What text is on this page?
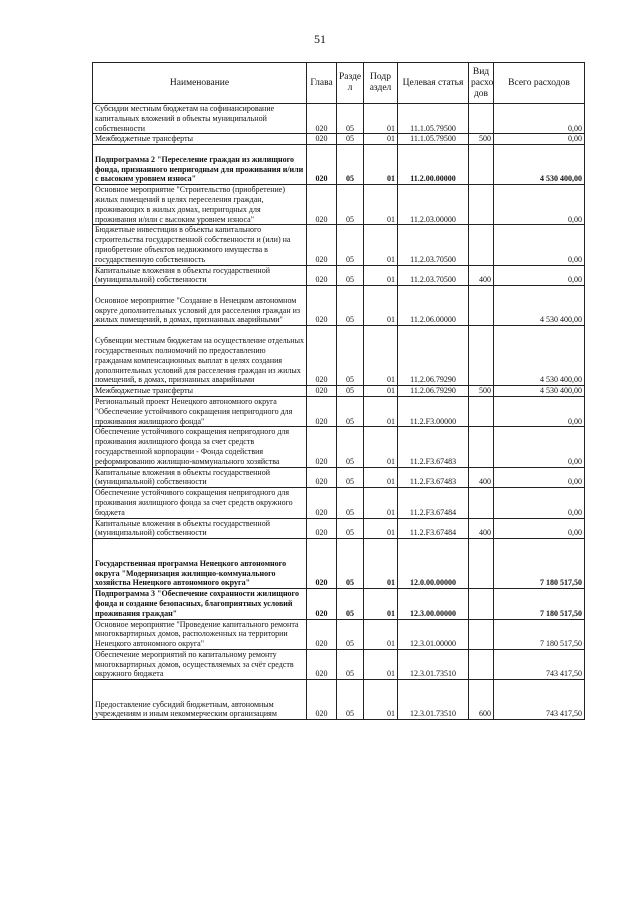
51
Наименование	Глава	Разде л	Подр аздел	Целевая статья	Вид расхо дов	Всего расходов
Субсидии местным бюджетам на софинансирование капитальных вложений в объекты муниципальной собственности	020	05	01	11.1.05.79500		0,00
Межбюджетные трансферты	020	05	01	11.1.05.79500	500	0,00
Подпрограмма 2 "Переселение граждан из жилищного фонда, признанного непригодным для проживания и/или с высоким уровнем износа"	020	05	01	11.2.00.00000		4 530 400,00
Основное мероприятие "Строительство (приобретение) жилых помещений в целях переселения граждан, проживающих в жилых домах, непригодных для проживания и/или с высоким уровнем износа"	020	05	01	11.2.03.00000		0,00
Бюджетные инвестиции в объекты капитального строительства государственной собственности и (или) на приобретение объектов недвижимого имущества в государственную собственность	020	05	01	11.2.03.70500		0,00
Капитальные вложения в объекты государственной (муниципальной) собственности	020	05	01	11.2.03.70500	400	0,00
Основное мероприятие "Создание в Ненецком автономном округе дополнительных условий для расселения граждан из жилых помещений, в домах, признанных аварийными"	020	05	01	11.2.06.00000		4 530 400,00
Субвенции местным бюджетам на осуществление отдельных государственных полномочий по предоставлению гражданам компенсационных выплат в целях создания дополнительных условий для расселения граждан из жилых помещений, в домах, признанных аварийными	020	05	01	11.2.06.79290		4 530 400,00
Межбюджетные трансферты	020	05	01	11.2.06.79290	500	4 530 400,00
Региональный проект Ненецкого автономного округа "Обеспечение устойчивого сокращения непригодного для проживания жилищного фонда"	020	05	01	11.2.F3.00000		0,00
Обеспечение устойчивого сокращения непригодного для проживания жилищного фонда за счет средств государственной корпорации - Фонда содействия реформированию жилищно-коммунального хозяйства	020	05	01	11.2.F3.67483		0,00
Капитальные вложения в объекты государственной (муниципальной) собственности	020	05	01	11.2.F3.67483	400	0,00
Обеспечение устойчивого сокращения непригодного для проживания жилищного фонда за счет средств окружного бюджета	020	05	01	11.2.F3.67484		0,00
Капитальные вложения в объекты государственной (муниципальной) собственности	020	05	01	11.2.F3.67484	400	0,00
Государственная программа Ненецкого автономного округа "Модернизация жилищно-коммунального хозяйства Ненецкого автономного округа"	020	05	01	12.0.00.00000		7 180 517,50
Подпрограмма 3 "Обеспечение сохранности жилищного фонда и создание безопасных, благоприятных условий проживания граждан"	020	05	01	12.3.00.00000		7 180 517,50
Основное мероприятие "Проведение капитального ремонта многоквартирных домов, расположенных на территории Ненецкого автономного округа"	020	05	01	12.3.01.00000		7 180 517,50
Обеспечение мероприятий по капитальному ремонту многоквартирных домов, осуществляемых за счёт средств окружного бюджета	020	05	01	12.3.01.73510		743 417,50
Предоставление субсидий бюджетным, автономным учреждениям и иным некоммерческим организациям	020	05	01	12.3.01.73510	600	743 417,50
